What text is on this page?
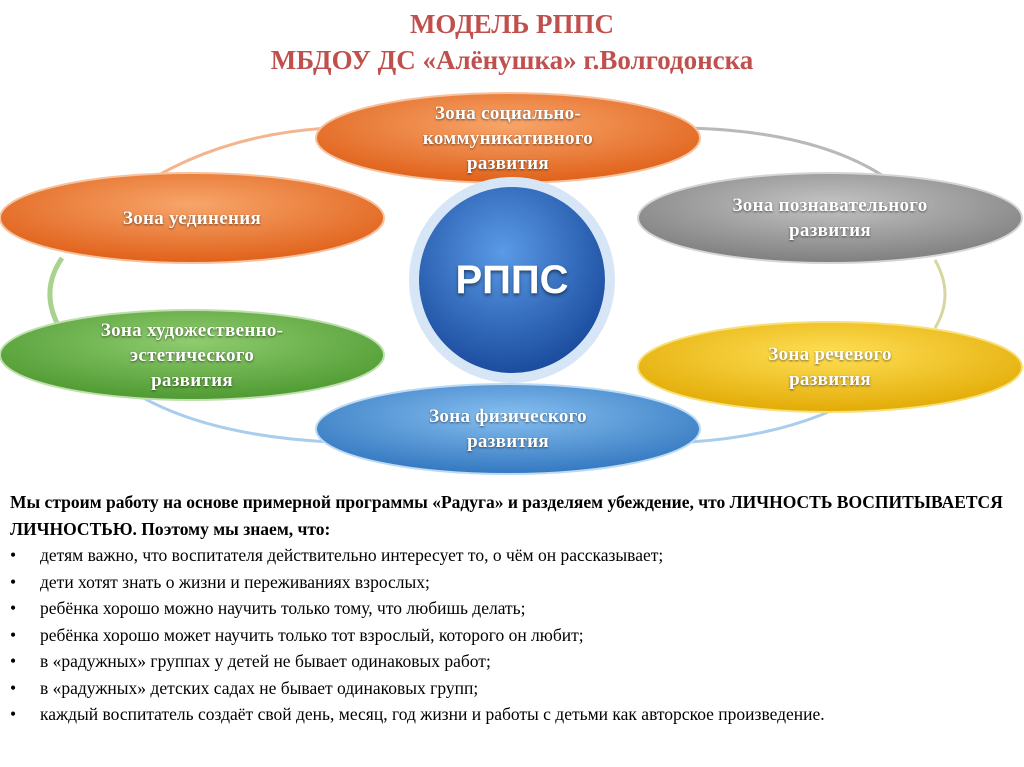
МОДЕЛЬ РППС
МБДОУ ДС «Алёнушка» г.Волгодонска
РППС
Зона социально-
коммуникативного
развития
Зона уединения
Зона познавательного
развития
Зона художественно-
эстетического
развития
Зона речевого
развития
Зона физического
развития
Мы строим работу на основе примерной программы «Радуга» и разделяем убеждение, что ЛИЧНОСТЬ ВОСПИТЫВАЕТСЯ ЛИЧНОСТЬЮ. Поэтому мы знаем, что:
• детям важно, что воспитателя действительно интересует то, о чём он рассказывает;
• дети хотят знать о жизни и переживаниях взрослых;
• ребёнка хорошо можно научить только тому, что любишь делать;
• ребёнка хорошо может научить только тот взрослый, которого он любит;
• в «радужных» группах у детей не бывает одинаковых работ;
• в «радужных» детских садах не бывает одинаковых групп;
• каждый воспитатель создаёт свой день, месяц, год жизни и работы с детьми как авторское произведение.
